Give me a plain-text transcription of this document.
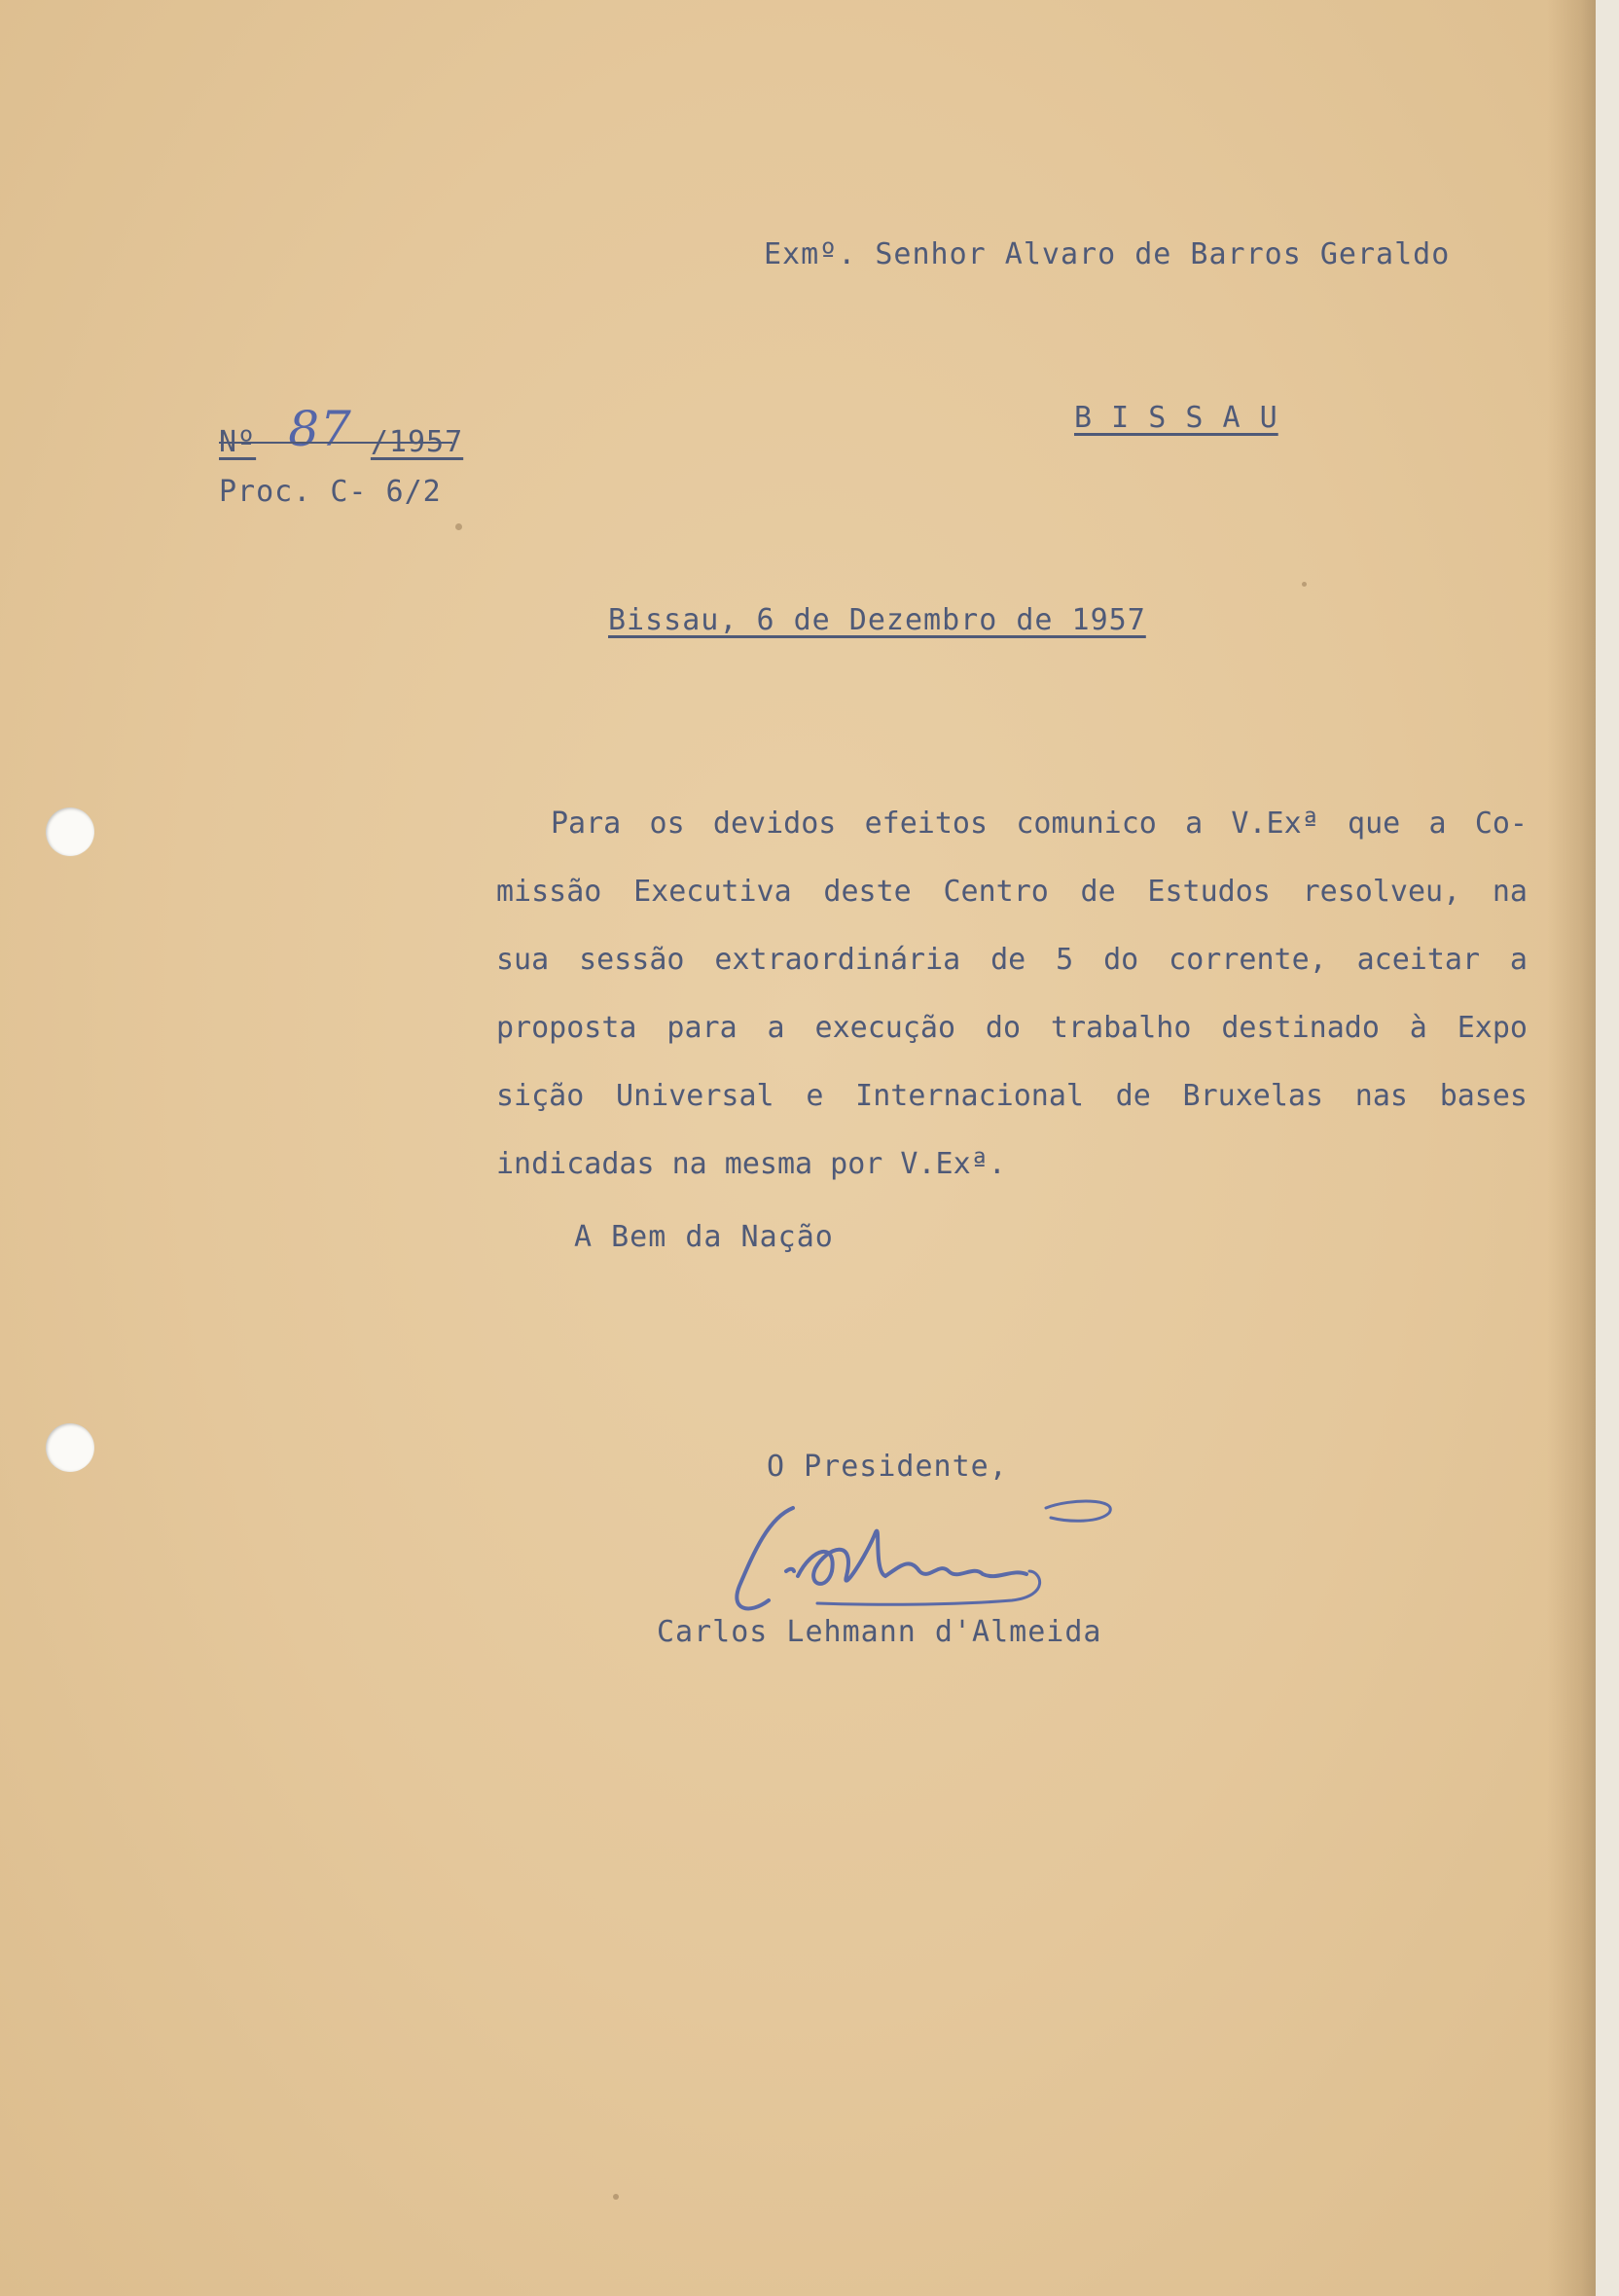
Exmº. Senhor Alvaro de Barros Geraldo
Nº 87 /1957
Proc. C- 6/2
B I S S A U
Bissau, 6 de Dezembro de 1957
Para os devidos efeitos comunico a V.Exª que a Co-
missão Executiva deste Centro de Estudos resolveu, na
sua sessão extraordinária de 5 do corrente, aceitar a
proposta para a execução do trabalho destinado à Expo
sição Universal e Internacional de Bruxelas nas bases
indicadas na mesma por V.Exª.
A Bem da Nação
O Presidente,
Carlos Lehmann d'Almeida
